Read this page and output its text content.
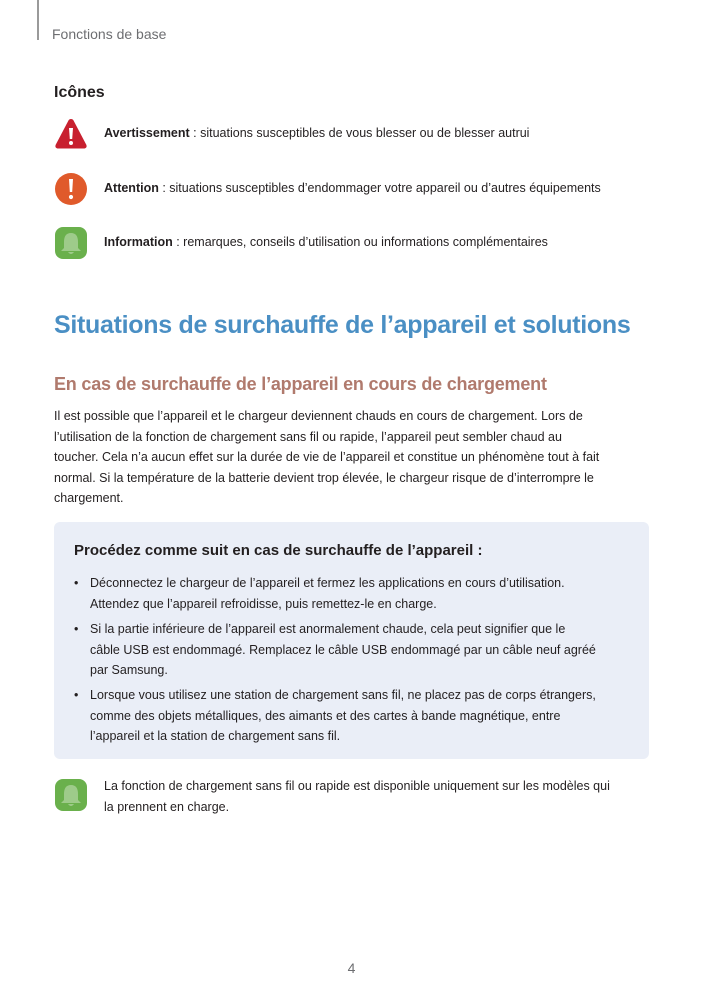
Fonctions de base
Icônes
Avertissement : situations susceptibles de vous blesser ou de blesser autrui
Attention : situations susceptibles d’endommager votre appareil ou d’autres équipements
Information : remarques, conseils d’utilisation ou informations complémentaires
Situations de surchauffe de l’appareil et solutions
En cas de surchauffe de l’appareil en cours de chargement
Il est possible que l’appareil et le chargeur deviennent chauds en cours de chargement. Lors de
l’utilisation de la fonction de chargement sans fil ou rapide, l’appareil peut sembler chaud au
toucher. Cela n’a aucun effet sur la durée de vie de l’appareil et constitue un phénomène tout à fait
normal. Si la température de la batterie devient trop élevée, le chargeur risque de d’interrompre le
chargement.
Procédez comme suit en cas de surchauffe de l’appareil :
• Déconnectez le chargeur de l’appareil et fermez les applications en cours d’utilisation.
Attendez que l’appareil refroidisse, puis remettez-le en charge.
• Si la partie inférieure de l’appareil est anormalement chaude, cela peut signifier que le
câble USB est endommagé. Remplacez le câble USB endommagé par un câble neuf agréé
par Samsung.
• Lorsque vous utilisez une station de chargement sans fil, ne placez pas de corps étrangers,
comme des objets métalliques, des aimants et des cartes à bande magnétique, entre
l’appareil et la station de chargement sans fil.
La fonction de chargement sans fil ou rapide est disponible uniquement sur les modèles qui
la prennent en charge.
4
